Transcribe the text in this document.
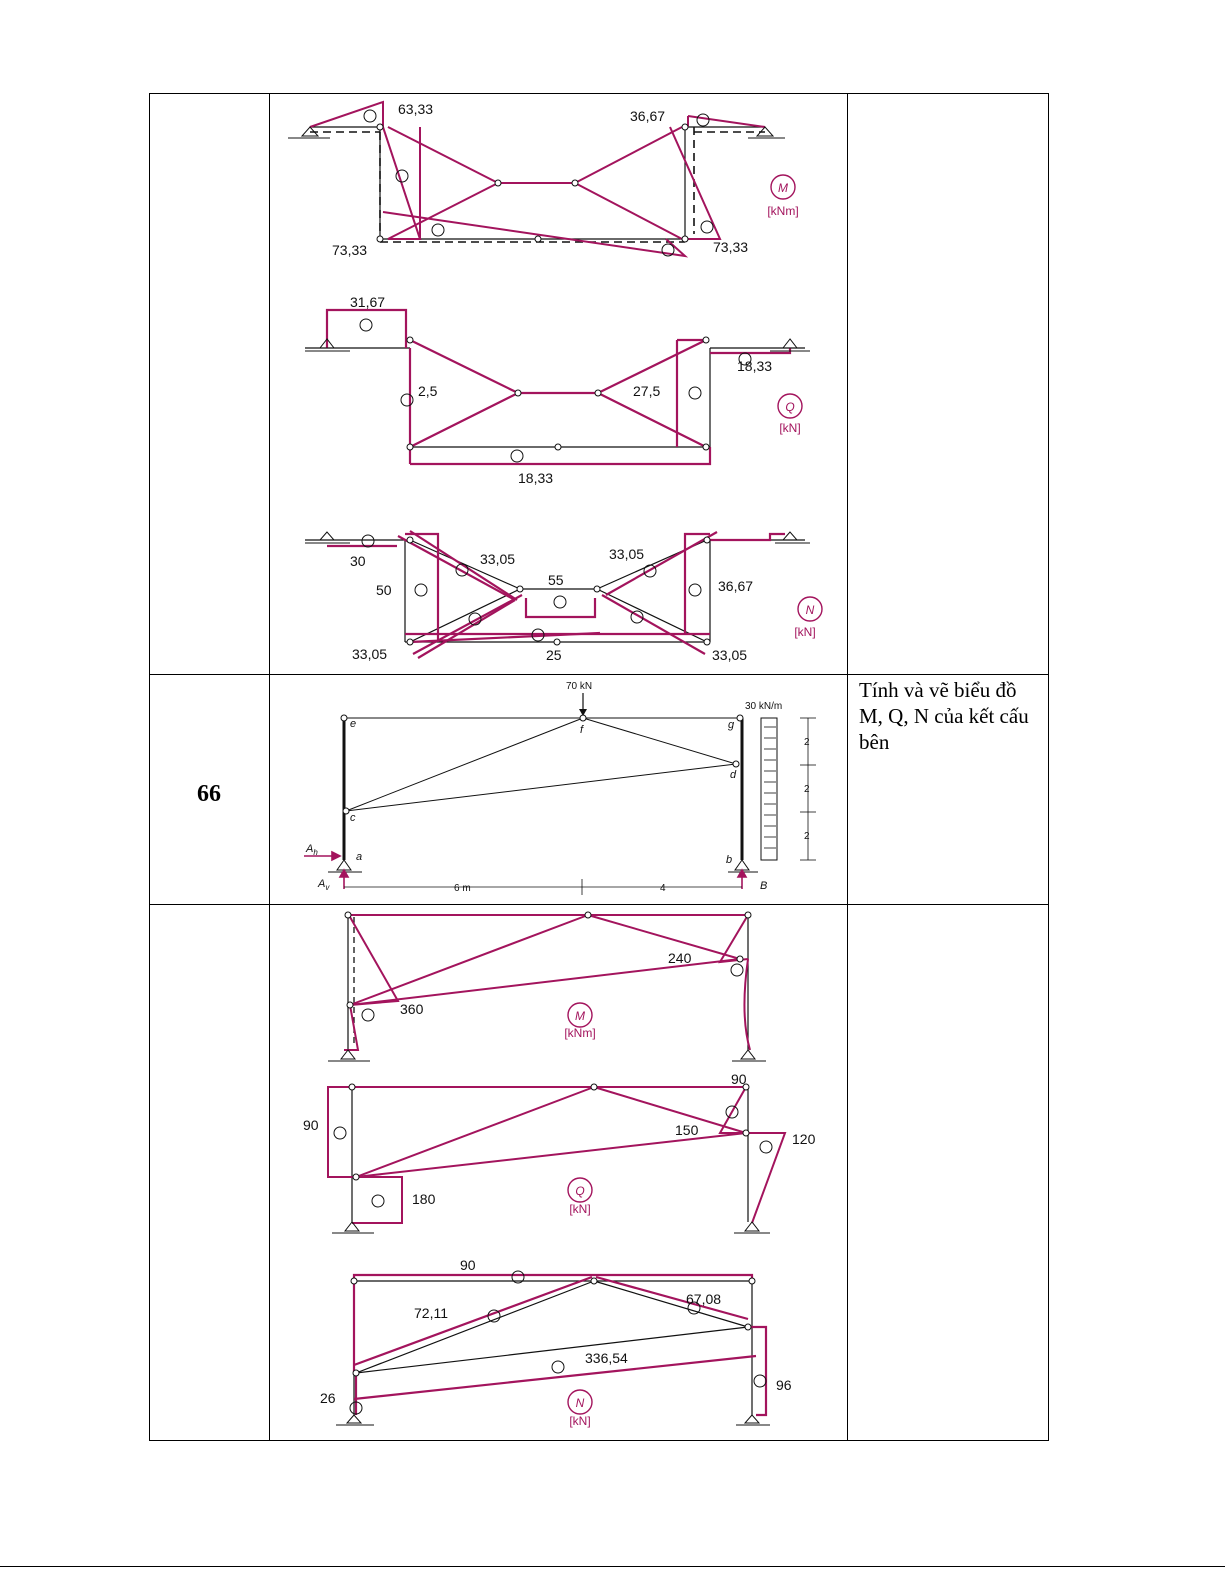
66
Tính và vẽ biểu đồ M, Q, N của kết cấu bên
63,33	36,67
73,33	73,33
M
[kNm]
31,67
18,33
2,5	27,5
18,33
Q
[kN]
33,05	33,05
55
30
50	36,67
33,05	25	33,05
N
[kN]
70 kN
30 kN/m
2
2
2
e	f	g
d
c
a	b
$A_h$
$A_v$	B
6 m	4
360
240
M
[kNm]
90
90
150
120
180	Q
[kN]
90
72,11
67,08
336,54
26
96
N
[kN]
